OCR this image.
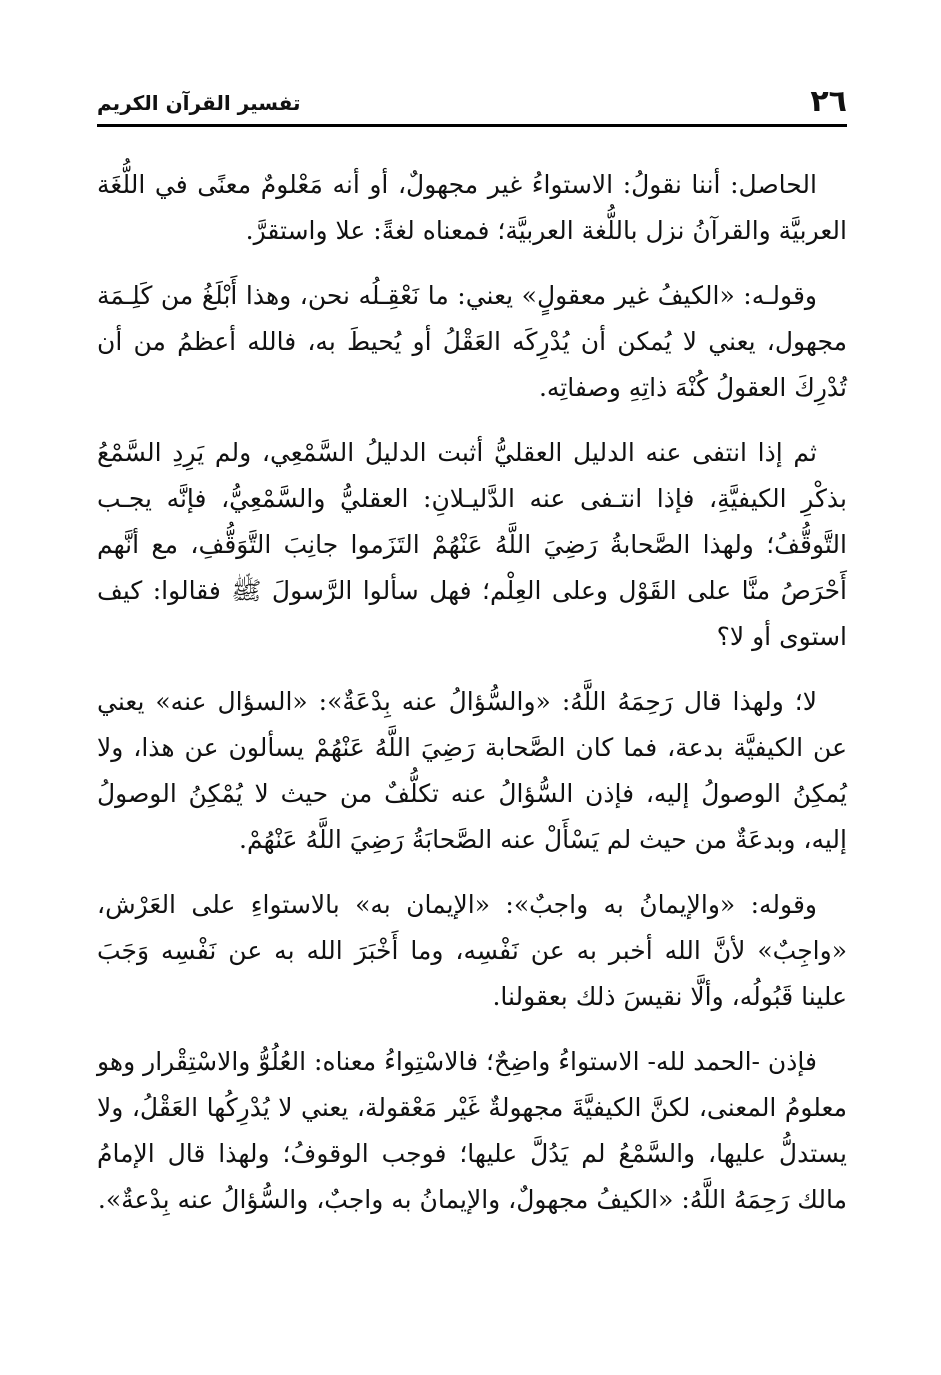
٢٦
تفسير القرآن الكريم

الحاصل: أننا نقولُ: الاستواءُ غير مجهولٌ، أو أنه مَعْلومٌ معنًى في اللُّغَة العربيَّة والقرآنُ نزل باللُّغة العربيَّة؛ فمعناه لغةً: علا واستقرَّ.

وقولـه: «الكيفُ غير معقولٍ» يعني: ما نَعْقِـلُه نحن، وهذا أَبْلَغُ من كَلِـمَة مجهول، يعني لا يُمكن أن يُدْرِكَه العَقْلُ أو يُحيطَ به، فالله أعظمُ من أن تُدْرِكَ العقولُ كُنْهَ ذاتِهِ وصفاتِه.

ثم إذا انتفى عنه الدليل العقليُّ أثبت الدليلُ السَّمْعِي، ولم يَرِدِ السَّمْعُ بذكْرِ الكيفيَّةِ، فإذا انتـفى عنه الدَّليـلانِ: العقليُّ والسَّمْعِيُّ، فإنَّه يجـب التَّوقُّفُ؛ ولهذا الصَّحابةُ رَضِيَ اللَّهُ عَنْهُمْ التَزَموا جانِبَ التَّوَقُّفِ، مع أنَّهم أَحْرَصُ منَّا على القَوْل وعلى العِلْم؛ فهل سألوا الرَّسولَ ﷺ فقالوا: كيف استوى أو لا؟

لا؛ ولهذا قال رَحِمَهُ اللَّهُ: «والسُّؤالُ عنه بِدْعَةٌ»: «السؤال عنه» يعني عن الكيفيَّة بدعة، فما كان الصَّحابة رَضِيَ اللَّهُ عَنْهُمْ يسألون عن هذا، ولا يُمكِنُ الوصولُ إليه، فإذن السُّؤالُ عنه تكلُّفٌ من حيث لا يُمْكِنُ الوصولُ إليه، وبدعَةٌ من حيث لم يَسْأَلْ عنه الصَّحابَةُ رَضِيَ اللَّهُ عَنْهُمْ.

وقوله: «والإيمانُ به واجبٌ»: «الإيمان به» بالاستواءِ على العَرْش، «واجِبٌ» لأنَّ الله أخبر به عن نَفْسِه، وما أَخْبَرَ الله به عن نَفْسِه وَجَبَ علينا قَبُولُه، وألَّا نقيسَ ذلك بعقولنا.

فإذن -الحمد لله- الاستواءُ واضِحٌ؛ فالاسْتِواءُ معناه: العُلُوُّ والاسْتِقْرار وهو معلومُ المعنى، لكنَّ الكيفيَّةَ مجهولةٌ غَيْر مَعْقولة، يعني لا يُدْرِكُها العَقْلُ، ولا يستدلُّ عليها، والسَّمْعُ لم يَدُلَّ عليها؛ فوجب الوقوفُ؛ ولهذا قال الإمامُ مالك رَحِمَهُ اللَّهُ: «الكيفُ مجهولٌ، والإيمانُ به واجبٌ، والسُّؤالُ عنه بِدْعةٌ».
